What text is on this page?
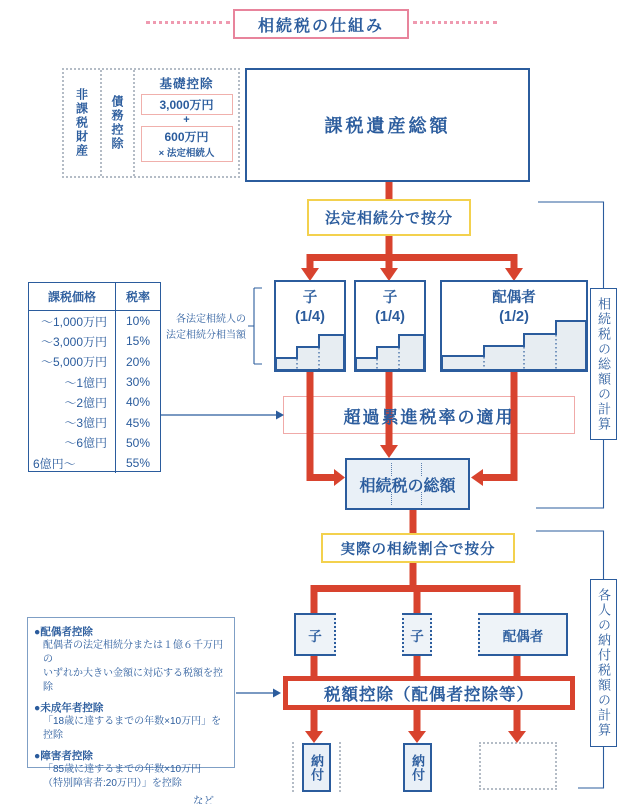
相続税の仕組み
非課税財産 債務控除
基礎控除
3,000万円
+
600万円
× 法定相続人
課税遺産総額
法定相続分で按分
子
(1/4)
子
(1/4)
配偶者
(1/2)
各法定相続人の
法定相続分相当額
課税価格	税率
〜1,000万円	10%
〜3,000万円	15%
〜5,000万円	20%
〜1億円	30%
〜2億円	40%
〜3億円	45%
〜6億円	50%
6億円〜	55%
超過累進税率の適用
相続税の総額
実際の相続割合で按分
子	子	配偶者
税額控除（配偶者控除等）
●配偶者控除
配偶者の法定相続分または１億６千万円の
いずれか大きい金額に対応する税額を控除
●未成年者控除
「18歳に達するまでの年数×10万円」を控除
●障害者控除
「85歳に達するまでの年数×10万円
（特別障害者:20万円）」を控除
など
納付	納付
相続税の総額の計算
各人の納付税額の計算
